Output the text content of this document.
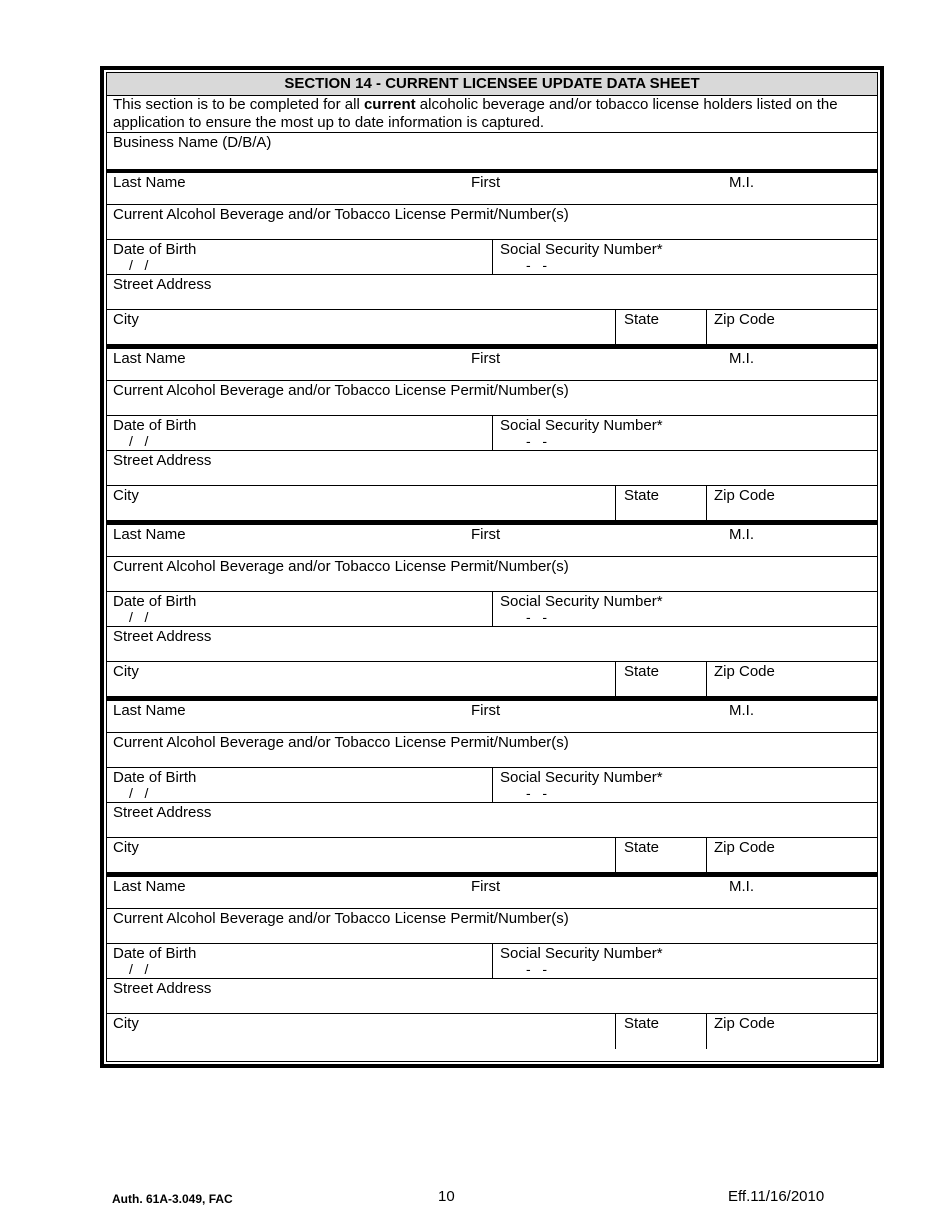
SECTION 14 - CURRENT LICENSEE UPDATE DATA SHEET
This section is to be completed for all current alcoholic beverage and/or tobacco license holders listed on the application to ensure the most up to date information is captured.
Business Name (D/B/A)
Last Name	First	M.I.
Current Alcohol Beverage and/or Tobacco License Permit/Number(s)
Date of Birth
/   /
Social Security Number*
-   -
Street Address
City	State	Zip Code
Last Name	First	M.I.
Current Alcohol Beverage and/or Tobacco License Permit/Number(s)
Date of Birth
/   /
Social Security Number*
-   -
Street Address
City	State	Zip Code
Last Name	First	M.I.
Current Alcohol Beverage and/or Tobacco License Permit/Number(s)
Date of Birth
/   /
Social Security Number*
-   -
Street Address
City	State	Zip Code
Last Name	First	M.I.
Current Alcohol Beverage and/or Tobacco License Permit/Number(s)
Date of Birth
/   /
Social Security Number*
-   -
Street Address
City	State	Zip Code
Last Name	First	M.I.
Current Alcohol Beverage and/or Tobacco License Permit/Number(s)
Date of Birth
/   /
Social Security Number*
-   -
Street Address
City	State	Zip Code
Auth. 61A-3.049, FAC	10	Eff.11/16/2010
